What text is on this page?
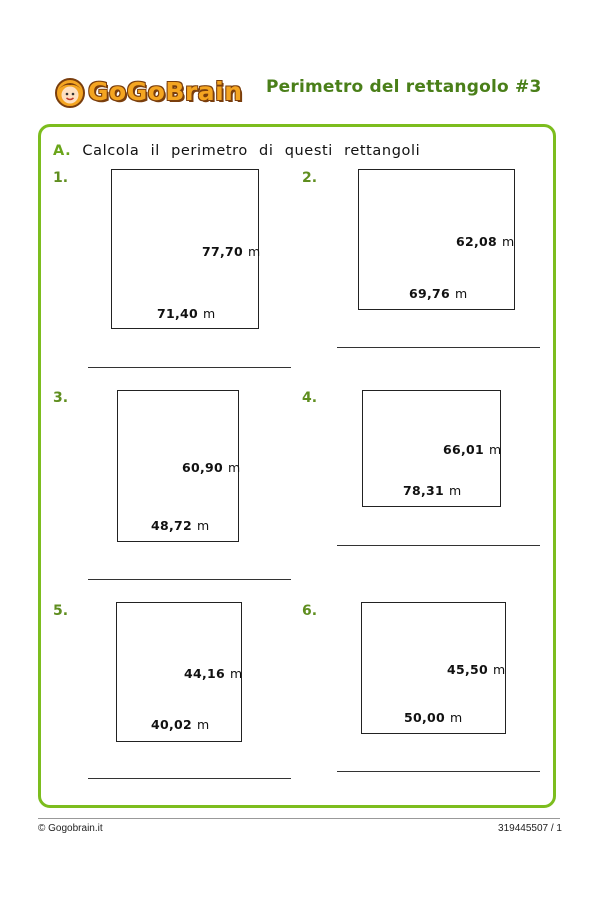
GoGoBrain Perimetro del rettangolo #3
A. Calcola il perimetro di questi rettangoli
1.
77,70 m
71,40 m
2.
62,08 m
69,76 m
3.
60,90 m
48,72 m
4.
66,01 m
78,31 m
5.
44,16 m
40,02 m
6.
45,50 m
50,00 m
© Gogobrain.it	319445507 / 1
